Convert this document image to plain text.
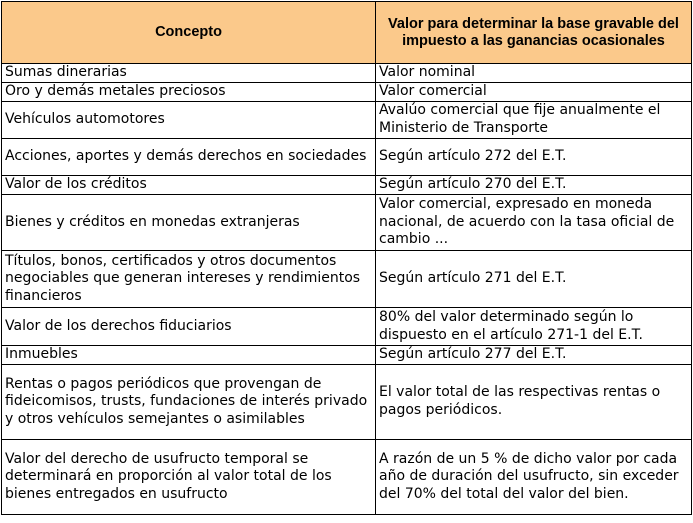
Concepto	Valor para determinar la base gravable del impuesto a las ganancias ocasionales
Sumas dinerarias	Valor nominal
Oro y demás metales preciosos	Valor comercial
Vehículos automotores	Avalúo comercial que fije anualmente el Ministerio de Transporte
Acciones, aportes y demás derechos en sociedades	Según artículo 272 del E.T.
Valor de los créditos	Según artículo 270 del E.T.
Bienes y créditos en monedas extranjeras	Valor comercial, expresado en moneda nacional, de acuerdo con la tasa oficial de cambio ...
Títulos, bonos, certificados y otros documentos negociables que generan intereses y rendimientos financieros	Según artículo 271 del E.T.
Valor de los derechos fiduciarios	80% del valor determinado según lo dispuesto en el artículo 271-1 del E.T.
Inmuebles	Según artículo 277 del E.T.
Rentas o pagos periódicos que provengan de fideicomisos, trusts, fundaciones de interés privado y otros vehículos semejantes o asimilables	El valor total de las respectivas rentas o pagos periódicos.
Valor del derecho de usufructo temporal se determinará en proporción al valor total de los bienes entregados en usufructo	A razón de un 5 % de dicho valor por cada año de duración del usufructo, sin exceder del 70% del total del valor del bien.
